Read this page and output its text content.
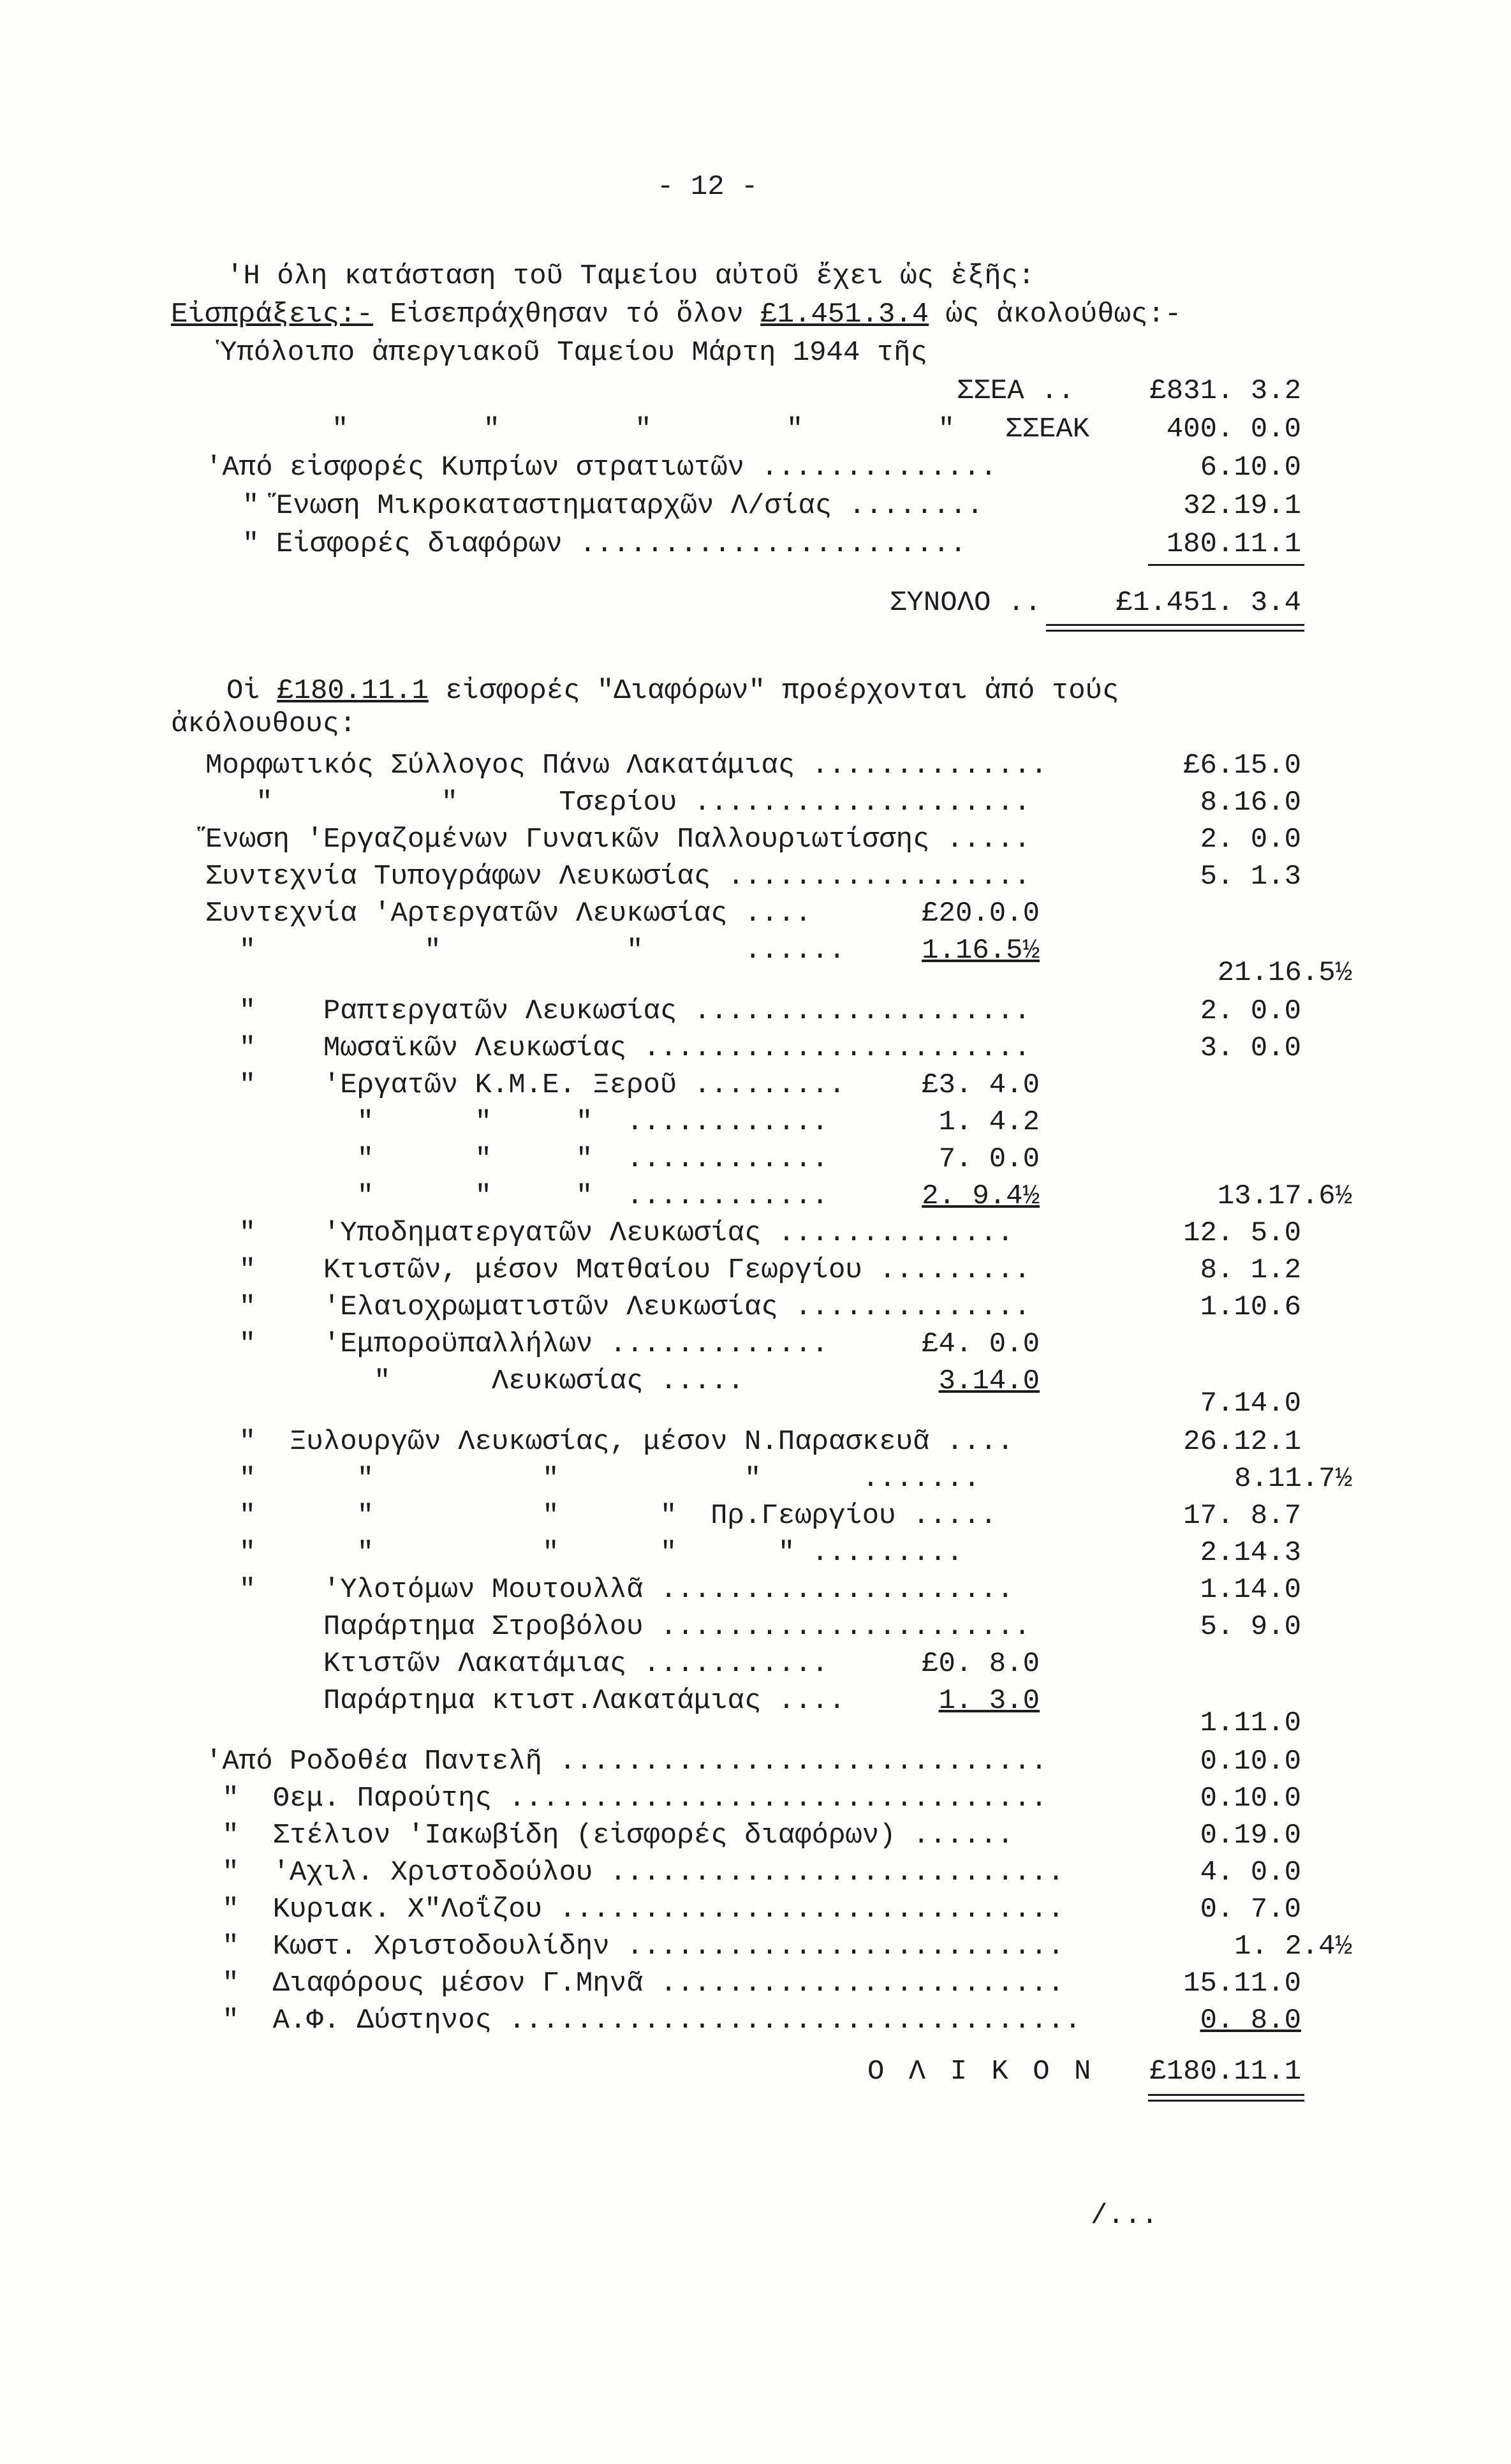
- 12 -
'Η όλη κατάσταση τοῦ Ταμείου αὐτοῦ ἔχει ὡς ἑξῆς:
Εἰσπράξεις:- Εἰσεπράχθησαν τό ὅλον £1.451.3.4 ὡς ἀκολούθως:-
Ὑπόλοιπο ἀπεργιακοῦ Ταμείου Μάρτη 1944 τῆς
ΣΣΕΑ ..	£831. 3.2
"        "        "        "        "   ΣΣΕΑΚ	400. 0.0
'Από εἰσφορές Κυπρίων στρατιωτῶν ..............	6.10.0
" Ἕνωση Μικροκαταστηματαρχῶν Λ/σίας ........	32.19.1
" Εἰσφορές διαφόρων .......................	180.11.1
ΣΥΝΟΛΟ ..	£1.451. 3.4
Οἱ £180.11.1 εἰσφορές "Διαφόρων" προέρχονται ἀπό τούς
ἀκόλουθους:
Μορφωτικός Σύλλογος Πάνω Λακατάμιας ..............	£6.15.0
"          "      Τσερίου ....................	8.16.0
Ἕνωση 'Εργαζομένων Γυναικῶν Παλλουριωτίσσης .....	2. 0.0
Συντεχνία Τυπογράφων Λευκωσίας ..................	5. 1.3
Συντεχνία 'Αρτεργατῶν Λευκωσίας ....	£20.0.0
"          "           "      ......	1.16.5½
21.16.5½
"    Ραπτεργατῶν Λευκωσίας ....................	2. 0.0
"    Μωσαϊκῶν Λευκωσίας .......................	3. 0.0
"    'Εργατῶν Κ.Μ.Ε. Ξεροῦ .........	£3. 4.0
"      "     "  ............	1. 4.2
"      "     "  ............	7. 0.0
"      "     "  ............	2. 9.4½	13.17.6½
"    'Υποδηματεργατῶν Λευκωσίας ..............	12. 5.0
"    Κτιστῶν, μέσον Ματθαίου Γεωργίου .........	8. 1.2
"    'Ελαιοχρωματιστῶν Λευκωσίας ..............	1.10.6
"    'Εμποροϋπαλλήλων .............	£4. 0.0
"      Λευκωσίας .....	3.14.0
7.14.0
"  Ξυλουργῶν Λευκωσίας, μέσον Ν.Παρασκευᾶ ....	26.12.1
"      "          "           "      .......	8.11.7½
"      "          "      "  Πρ.Γεωργίου .....	17. 8.7
"      "          "      "      " .........	2.14.3
"    'Υλοτόμων Μουτουλλᾶ .....................	1.14.0
Παράρτημα Στροβόλου ......................	5. 9.0
Κτιστῶν Λακατάμιας ...........	£0. 8.0
Παράρτημα κτιστ.Λακατάμιας ....	1. 3.0
1.11.0
'Από Ροδοθέα Παντελῆ .............................	0.10.0
"  Θεμ. Παρούτης ................................	0.10.0
"  Στέλιον 'Ιακωβίδη (εἰσφορές διαφόρων) ......	0.19.0
"  'Αχιλ. Χριστοδούλου ...........................	4. 0.0
"  Κυριακ. Χ"Λοΐζου ..............................	0. 7.0
"  Κωστ. Χριστοδουλίδην ..........................	1. 2.4½
"  Διαφόρους μέσον Γ.Μηνᾶ ........................	15.11.0
"  Α.Φ. Δύστηνος ..................................	0. 8.0
Ο Λ Ι Κ Ο Ν	£180.11.1
/...
